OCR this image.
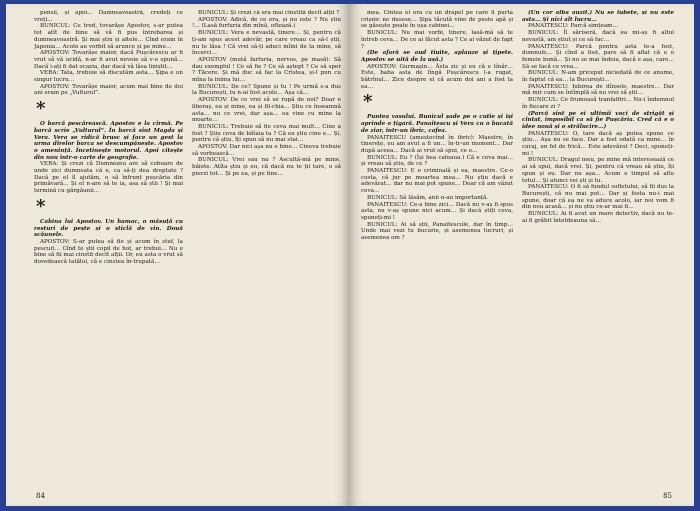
pensii, și apoi… Damneavoastră, credeți ce vreți…

BUNICUL: Ce tred, tovarășe Apostov, s-ar putea tot atît de bine să vă fi pus întrebarea și dumneavoastră. Și mai știu și altele… Cînd eram în Japonia… Acolo au vorbit să arunce și pe mine…

APOSTOV: Tovarășe maior, dacă Pușcărescu ar fi vrut să vă ucidă, n-ar fi avut nevoie să v-o spună… Dacă i-ați fi dat ocazia, dar dacă vă lăsa liniștit…

VERA: Tata, trebuie să discutăm asta… Șipa e un singur lucru…

APOSTOV: Tovarășe maior, acum mai bine de doi ani eram pe „Vulturul”.

*

O barcă pescărească. Apostov e la cîrmă. Pe barcă scrie „Vulturul”. În barcă sînt Magda și Vera. Vera se ridică brusc și face un gest la urma dîrelor barca se descumpănește. Apostov o amenință. Încetinește motorul. Apoi citește din nou într-o carte de geografie.

VERA: Și crezi că Dumnezeu are să coboare de unde zici dumneata că e, ca să-ți dea dreptate ? Dacă pe el îl ajutăm, o să înfrunt pușcăria din primăvară… Și el n-are să te ia, asa să știi ! Și mai termină cu gărgăunii…

*

Cabina lui Apostov. Un hamac, o măsuță cu resturi de pește și o sticlă de vin. Două scăunele.

APOSTOV: S-ar putea să fie și acum în stuf, la pescuit… Cînd te știi copil de hoț, ar trebui… Nu e bine să fii mai cinstit decît alții. Or, eu asta o vrut să dovedească tatălui, că e cinstea în-trupată…

BUNICUL: Și crezi că era mai cinstită decît alții ?

APOSTOV: Adică, de ce era, și nu este ? Nu știu !… (Lasă furfuria din mînă, oftează.)

BUNICUL: Vera e nevastă, tinere… Și, pentru că ți-am spus acest adevăr, pe care vreau ca să-l știi, nu te lăsa ! Că vrei să-ți aduci mîini de la mine, să încerci…

APOSTOV (mută farfuria, nervos, pe masă): Să dau exemplul ! Ce să fie ? Ce să aștept ? Ce să sper ? Tăcere. Și mă duc să fac la Cristea, și-l pun cu mîna la inima lui…

BUNICUL: De ce? Spune și tu ! Pe urmă s-a dus la București, tu n-ai fost acolo… Așa că…

APOSTOV: De ce vrei să se rupă de noi? Doar e liberaș, ea și mine, ea și fil-chia… Știu ce înseamnă asta… nu ce vrei, dar așa… ea vine cu mine la moarte…

BUNICUL: Trebuie să fie ceva mai mult… Cine a fost ? Știu ceva de bătaia ta ? Că eu știu cine e… Și, pentru că știu, îți spun să nu mai stai…

APOSTOV: Dar nici așa nu e bine… Cineva trebuie să vorbească…

BUNICUL: Vrei sau nu ? Ascultă-mă pe mine, băiete. Atîta știu și eu, că dacă nu te ții tare, o să pierzi tot… Și pe ea, și pe tine…

84

mea. Cîntea ei era cu un drapel pe care îl purta crișnic ne dusese… Șipa tăcută vine de peste apă și se găsește poate în ușa cabinei…

BUNICUL: Nu mai vorbi, tinere, lasă-mă să te întreb ceva… De ce ai făcut asta ? Ce ai văzut de fapt ?

(De afară se aud tiuite, aplauze și țipete. Apostov se uită de la ușă.)

APOSTOV: Gurmaşin… Ăsta zic și eu că e tînăr… Este, baba asta de lîngă Pușcărescu l-a rugat, bătrînul… Zice despre el că acum doi ani a fost la ea…

*

Puntea vasului. Bunicul șade pe o cutie și își aprinde o țigară. Panaitescu și Vera cu o bucată de ziar, într-un ibric, cafea.

PANAITESCU (amestecînd în ibric): Maestre, în tinerețe, eu am avut a fi un… în-tr-un moment… Dar după aceea… Dacă ai vrut să spui, ce e…

BUNICUL: Eu ? (Își bea cafeaua.) Că e ceva mai… și vreau să știu, de ce ?

PANAITESCU: E o criminală și ea, maestre. Ce-o costa, că jur pe moartea mea… Nu știu dacă e adevărat… dar nu mai pot spune… Doar că am văzut ceva…

BUNICUL: Să lăsăm, anii n-au importanță.

PANAITESCU: Ce-a bine zici… Dacă nu v-aș fi spus asta, nu v-aș spune nici acum… Și dacă știți ceva, spuneți-mi !

BUNICUL: Ai să știi, Panaitescule, dar în timp… Unde mai vezi tu bucurie, și asemenea lucruri, și asemenea om ?

(Un cor alba auzit.) Nu se lubete, și nu este asta… Și nici alt lucru…

PANAITESCU: Parcă simțeam…

BUNICUL: Îl săriseră, dacă ea mi-aș fi altul nevastă, am știut și ce să fac…

PANAITESCU: Parcă pentru asta te-a fost, domnule… Și cînd a fost, pare să fi aflat că e o femeie bună… Și nu se mai îndoia, dacă e așa, care… Să se facă ce vrea…

BUNICUL: N-am priceput niciodată de ce anume, în faptul că ea… la București…

PANAITESCU: Iubirea de dînsele, maestre… Dar mă mir cum se întîmplă să nu vrei să știi…

BUNICUL: Ce frumoasă tranfalfiri… Nu-i îndemnul în fiecare zi ?

(Parcă sînt pe ei ultimii voci de strigăt și cîntat, imposibil ca să fie Pușcăria. Cred că e o idee nouă și o strălucire…)

PANAITESCU: O, tare dacă aș putea spune ce știu… Așa nu se face. Dar a fost odată ca mine… în curaj, un fel de frică… Este adevărat ? Deci, spuneți-mi !

BUNICUL: Dragul meu, pe mine mă interesează ce ai să spui, dacă vrei. Și, pentru că vreau să știu, îți spun și eu. Dar nu așa… Acum e timpul să aflu totul… Și atunci vei ști și tu.

PANAITESCU: O fi să fundul sufletului, să fii dus la București, că nu mai pot… Dar și fosta nu-i mai spune, doar că ea ne va aduce acolo, iar noi vom fi din nou acasă… și nu știu ce-ar mai fi…

BUNICUL: Ai fi avut un mare detectiv, dacă nu te-ai fi grăbit întotdeauna să…

85
